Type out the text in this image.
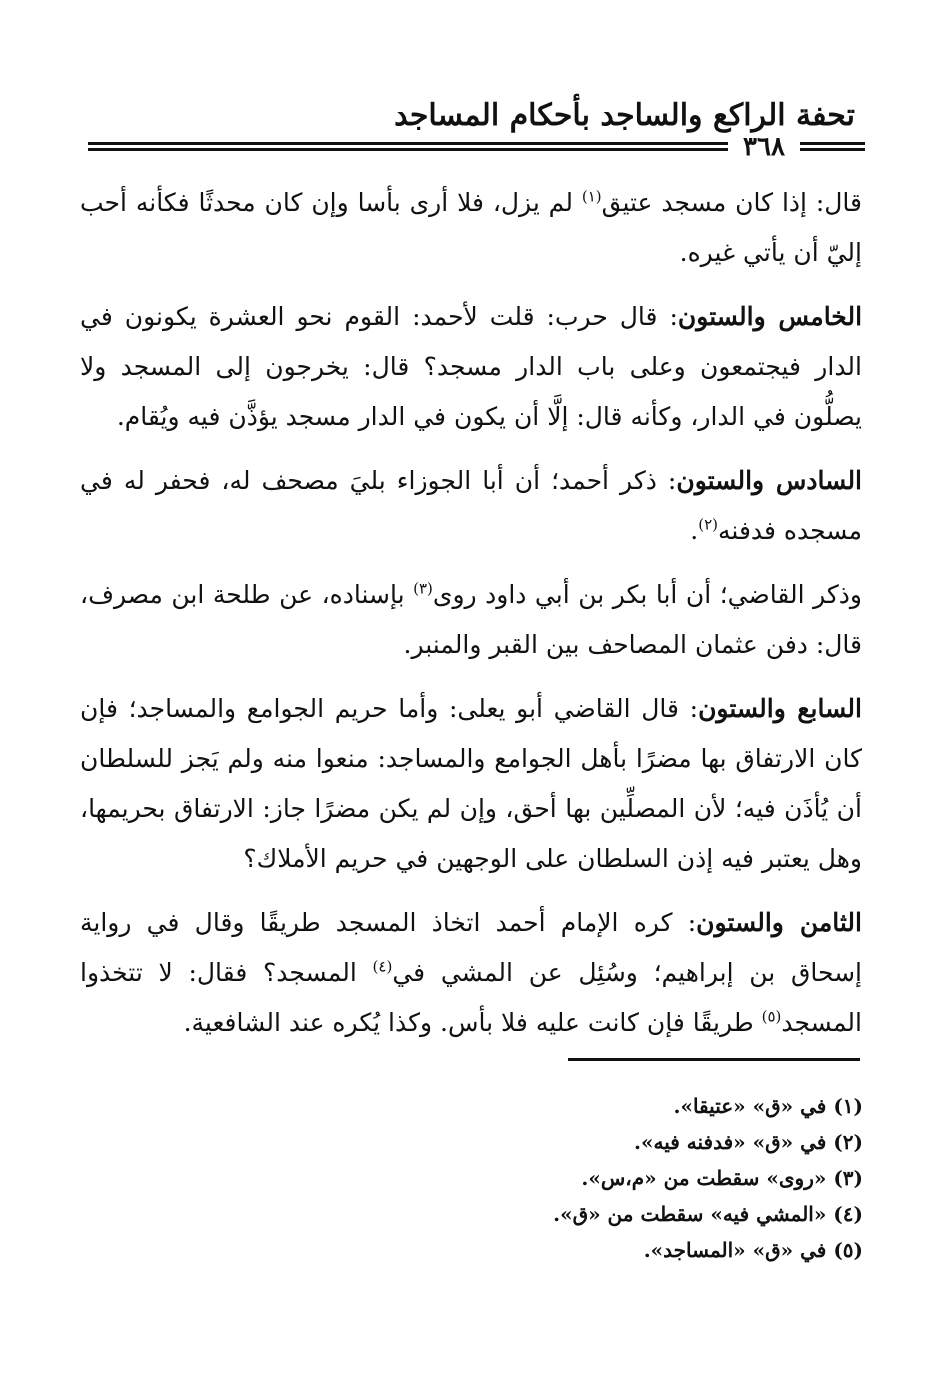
تحفة الراكع والساجد بأحكام المساجد
٣٦٨

قال: إذا كان مسجد عتيق$^{(١)}$ لم يزل، فلا أرى بأسا وإن كان محدثًا فكأنه أحب إليّ أن يأتي غيره.

الخامس والستون: قال حرب: قلت لأحمد: القوم نحو العشرة يكونون في الدار فيجتمعون وعلى باب الدار مسجد؟ قال: يخرجون إلى المسجد ولا يصلُّون في الدار، وكأنه قال: إلَّا أن يكون في الدار مسجد يؤذَّن فيه ويُقام.

السادس والستون: ذكر أحمد؛ أن أبا الجوزاء بليَ مصحف له، فحفر له في مسجده فدفنه$^{(٢)}$.

وذكر القاضي؛ أن أبا بكر بن أبي داود روى$^{(٣)}$ بإسناده، عن طلحة ابن مصرف، قال: دفن عثمان المصاحف بين القبر والمنبر.

السابع والستون: قال القاضي أبو يعلى: وأما حريم الجوامع والمساجد؛ فإن كان الارتفاق بها مضرًا بأهل الجوامع والمساجد: منعوا منه ولم يَجز للسلطان أن يُأذَن فيه؛ لأن المصلِّين بها أحق، وإن لم يكن مضرًا جاز: الارتفاق بحريمها، وهل يعتبر فيه إذن السلطان على الوجهين في حريم الأملاك؟

الثامن والستون: كره الإمام أحمد اتخاذ المسجد طريقًا وقال في رواية إسحاق بن إبراهيم؛ وسُئِل عن المشي في$^{(٤)}$ المسجد؟ فقال: لا تتخذوا المسجد$^{(٥)}$ طريقًا فإن كانت عليه فلا بأس. وكذا يُكره عند الشافعية.

(١) في «ق» «عتيقا».
(٢) في «ق» «فدفنه فيه».
(٣) «روى» سقطت من «م،س».
(٤) «المشي فيه» سقطت من «ق».
(٥) في «ق» «المساجد».
